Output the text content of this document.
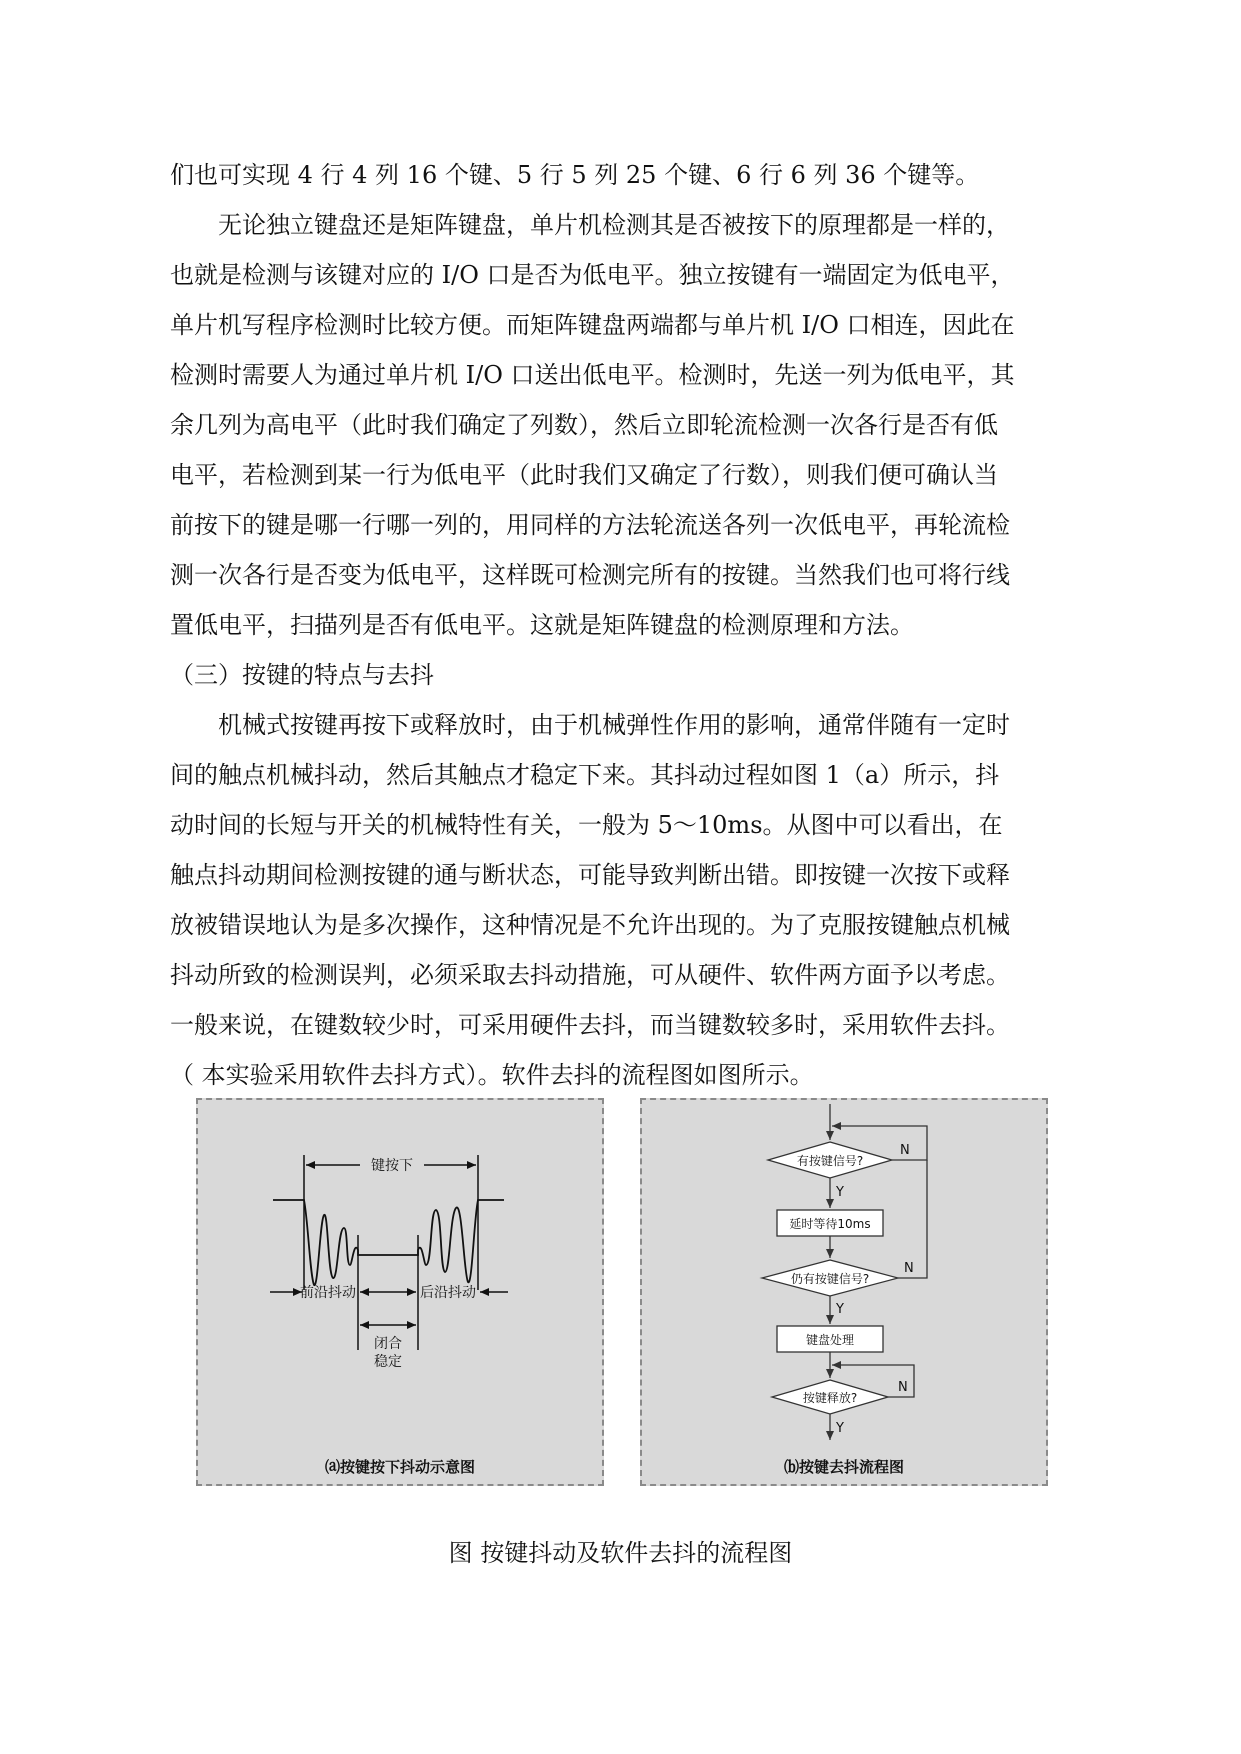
们也可实现 4 行 4 列 16 个键、5 行 5 列 25 个键、6 行 6 列 36 个键等。
无论独立键盘还是矩阵键盘，单片机检测其是否被按下的原理都是一样的，
也就是检测与该键对应的 I/O 口是否为低电平。独立按键有一端固定为低电平，
单片机写程序检测时比较方便。而矩阵键盘两端都与单片机 I/O 口相连，因此在
检测时需要人为通过单片机 I/O 口送出低电平。检测时，先送一列为低电平，其
余几列为高电平（此时我们确定了列数），然后立即轮流检测一次各行是否有低
电平，若检测到某一行为低电平（此时我们又确定了行数），则我们便可确认当
前按下的键是哪一行哪一列的，用同样的方法轮流送各列一次低电平，再轮流检
测一次各行是否变为低电平，这样既可检测完所有的按键。当然我们也可将行线
置低电平，扫描列是否有低电平。这就是矩阵键盘的检测原理和方法。
（三）按键的特点与去抖
机械式按键再按下或释放时，由于机械弹性作用的影响，通常伴随有一定时
间的触点机械抖动，然后其触点才稳定下来。其抖动过程如图 1（a）所示，抖
动时间的长短与开关的机械特性有关，一般为 5～10ms。从图中可以看出，在
触点抖动期间检测按键的通与断状态，可能导致判断出错。即按键一次按下或释
放被错误地认为是多次操作，这种情况是不允许出现的。为了克服按键触点机械
抖动所致的检测误判，必须采取去抖动措施，可从硬件、软件两方面予以考虑。
一般来说，在键数较少时，可采用硬件去抖，而当键数较多时，采用软件去抖。
（ 本实验采用软件去抖方式）。软件去抖的流程图如图所示。
键按下
前沿抖动	后沿抖动
闭合
稳定
⒜按键按下抖动示意图
有按键信号?
Y
N
延时等待10ms
仍有按键信号?
N
Y
键盘处理
按键释放?
N
Y
⒝按键去抖流程图
图 按键抖动及软件去抖的流程图
